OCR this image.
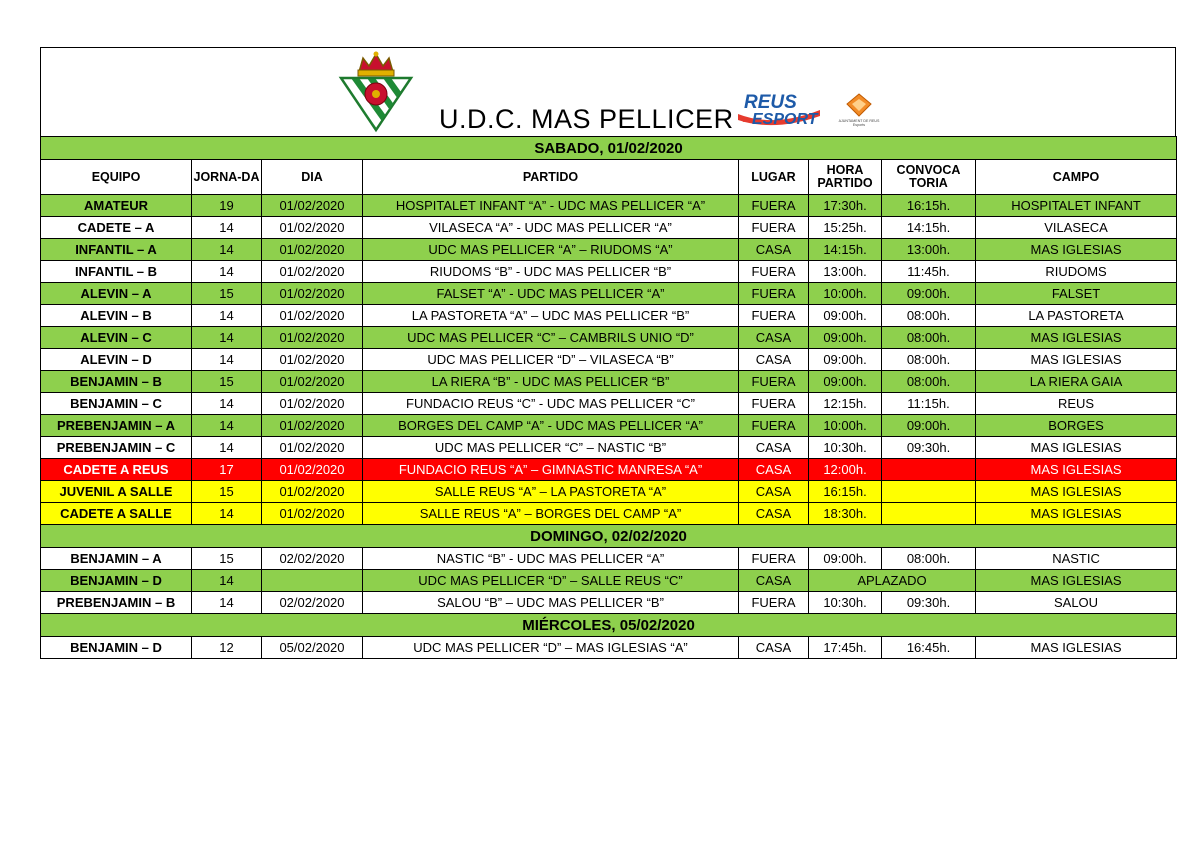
U.D.C. MAS PELLICER
REUS
es ESPORT	AJUNTAMENT DE REUS
Esports
SABADO, 01/02/2020							
EQUIPO	JORNA-DA	DIA	PARTIDO	LUGAR	HORA PARTIDO	CONVOCA TORIA	CAMPO
AMATEUR	19	01/02/2020	HOSPITALET INFANT “A” - UDC MAS PELLICER “A”	FUERA	17:30h.	16:15h.	HOSPITALET INFANT
CADETE – A	14	01/02/2020	VILASECA “A” - UDC MAS PELLICER “A”	FUERA	15:25h.	14:15h.	VILASECA
INFANTIL – A	14	01/02/2020	UDC MAS PELLICER “A” – RIUDOMS “A”	CASA	14:15h.	13:00h.	MAS IGLESIAS
INFANTIL – B	14	01/02/2020	RIUDOMS “B” - UDC MAS PELLICER “B”	FUERA	13:00h.	11:45h.	RIUDOMS
ALEVIN – A	15	01/02/2020	FALSET “A” - UDC MAS PELLICER “A”	FUERA	10:00h.	09:00h.	FALSET
ALEVIN – B	14	01/02/2020	LA PASTORETA “A” – UDC MAS PELLICER “B”	FUERA	09:00h.	08:00h.	LA PASTORETA
ALEVIN – C	14	01/02/2020	UDC MAS PELLICER “C” – CAMBRILS UNIO “D”	CASA	09:00h.	08:00h.	MAS IGLESIAS
ALEVIN – D	14	01/02/2020	UDC MAS PELLICER “D” – VILASECA “B”	CASA	09:00h.	08:00h.	MAS IGLESIAS
BENJAMIN – B	15	01/02/2020	LA RIERA “B” - UDC MAS PELLICER “B”	FUERA	09:00h.	08:00h.	LA RIERA GAIA
BENJAMIN – C	14	01/02/2020	FUNDACIO REUS “C” - UDC MAS PELLICER “C”	FUERA	12:15h.	11:15h.	REUS
PREBENJAMIN – A	14	01/02/2020	BORGES DEL CAMP “A” - UDC MAS PELLICER “A”	FUERA	10:00h.	09:00h.	BORGES
PREBENJAMIN – C	14	01/02/2020	UDC MAS PELLICER “C” – NASTIC “B”	CASA	10:30h.	09:30h.	MAS IGLESIAS
CADETE A REUS	17	01/02/2020	FUNDACIO REUS “A” – GIMNASTIC MANRESA “A”	CASA	12:00h.		MAS IGLESIAS
JUVENIL A SALLE	15	01/02/2020	SALLE REUS “A” – LA PASTORETA “A”	CASA	16:15h.		MAS IGLESIAS
CADETE A SALLE	14	01/02/2020	SALLE REUS “A” – BORGES DEL CAMP “A”	CASA	18:30h.		MAS IGLESIAS
DOMINGO, 02/02/2020							
BENJAMIN – A	15	02/02/2020	NASTIC “B” - UDC MAS PELLICER “A”	FUERA	09:00h.	08:00h.	NASTIC
BENJAMIN – D	14		UDC MAS PELLICER “D” – SALLE REUS “C”	CASA	APLAZADO		MAS IGLESIAS
PREBENJAMIN – B	14	02/02/2020	SALOU “B” – UDC MAS PELLICER “B”	FUERA	10:30h.	09:30h.	SALOU
MIÉRCOLES, 05/02/2020							
BENJAMIN – D	12	05/02/2020	UDC MAS PELLICER “D” – MAS IGLESIAS “A”	CASA	17:45h.	16:45h.	MAS IGLESIAS
